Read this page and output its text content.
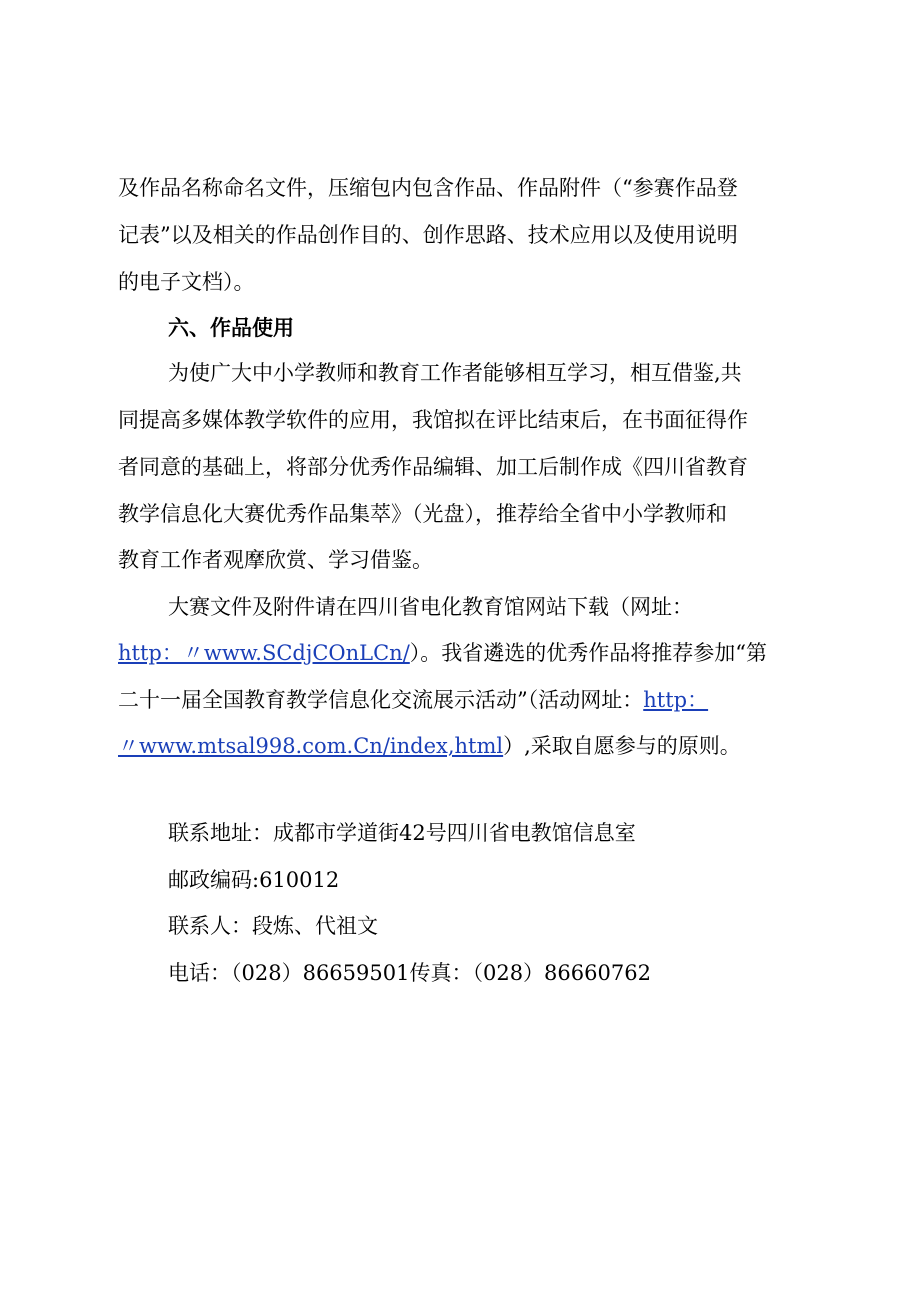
及作品名称命名文件，压缩包内包含作品、作品附件（“参赛作品登
记表”以及相关的作品创作目的、创作思路、技术应用以及使用说明
的电子文档）。
六、作品使用
为使广大中小学教师和教育工作者能够相互学习，相互借鉴,共
同提高多媒体教学软件的应用，我馆拟在评比结束后，在书面征得作
者同意的基础上，将部分优秀作品编辑、加工后制作成《四川省教育
教学信息化大赛优秀作品集萃》（光盘），推荐给全省中小学教师和
教育工作者观摩欣赏、学习借鉴。
大赛文件及附件请在四川省电化教育馆网站下载（网址：
http：〃www.SCdjCOnLCn/）。我省遴选的优秀作品将推荐参加“第
二十一届全国教育教学信息化交流展示活动”（活动网址：http：
〃www.mtsal998.com.Cn/index,html）,采取自愿参与的原则。
联系地址：成都市学道街42号四川省电教馆信息室
邮政编码:610012
联系人：段炼、代祖文
电话：（028）86659501传真：（028）86660762
